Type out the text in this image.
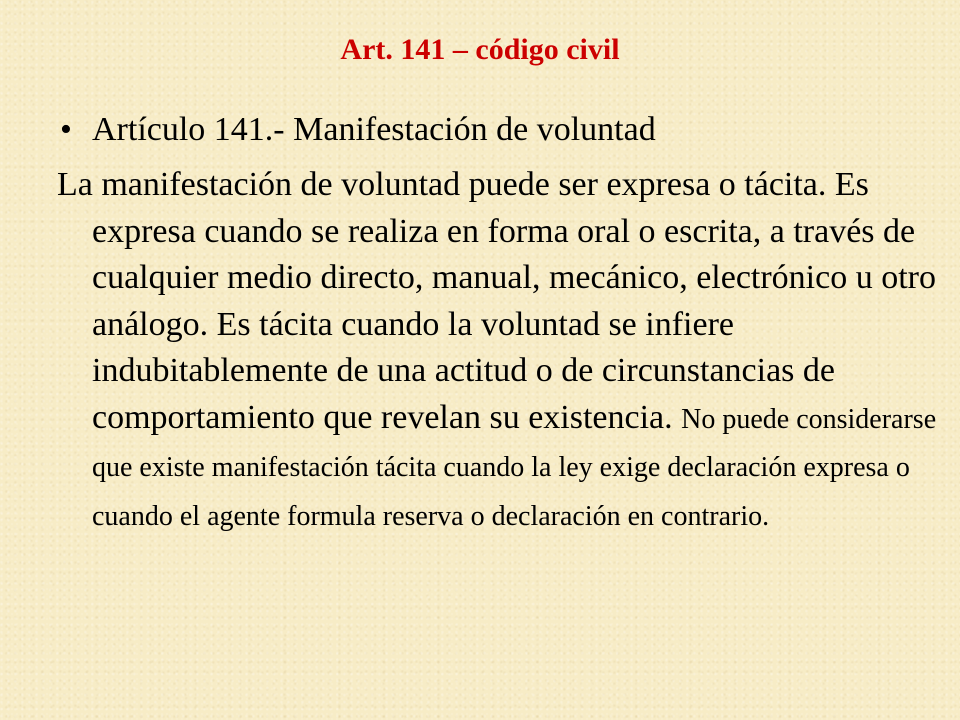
Art. 141 – código civil
• Artículo 141.- Manifestación de voluntad

La manifestación de voluntad puede ser expresa o tácita. Es expresa cuando se realiza en forma oral o escrita, a través de cualquier medio directo, manual, mecánico, electrónico u otro análogo. Es tácita cuando la voluntad se infiere indubitablemente de una actitud o de circunstancias de comportamiento que revelan su existencia. No puede considerarse que existe manifestación tácita cuando la ley exige declaración expresa o cuando el agente formula reserva o declaración en contrario.
